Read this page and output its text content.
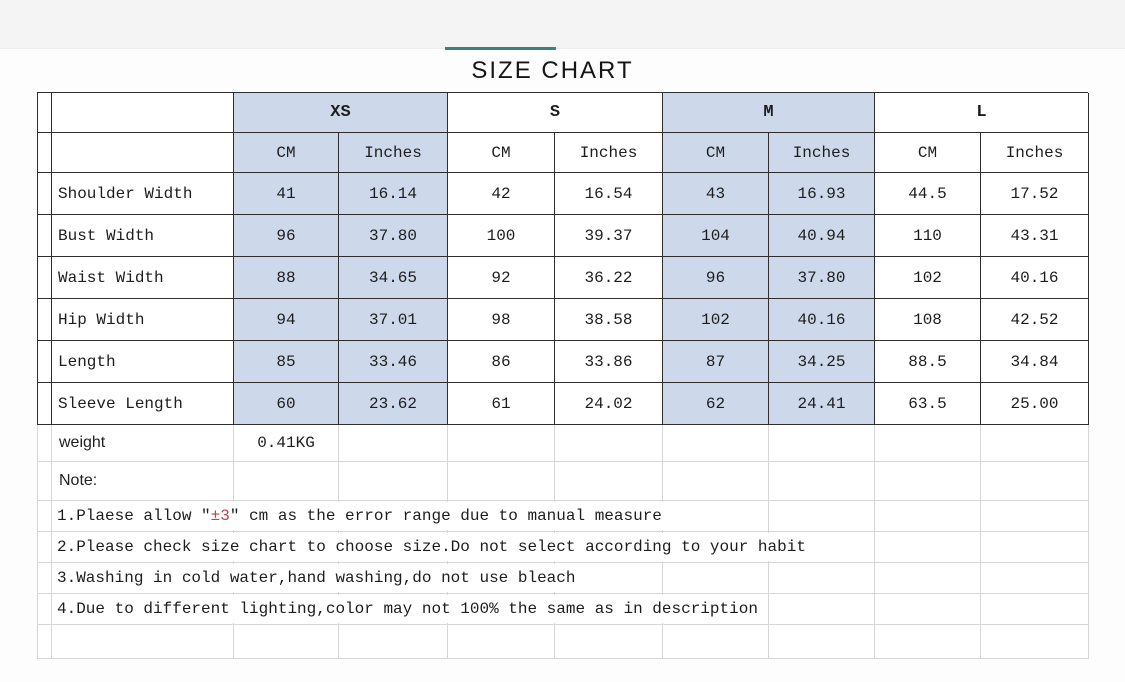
SIZE CHART
XS	S	M	L
CM	Inches	CM	Inches	CM	Inches	CM	Inches
Shoulder Width	41	16.14	42	16.54	43	16.93	44.5	17.52
Bust Width	96	37.80	100	39.37	104	40.94	110	43.31
Waist Width	88	34.65	92	36.22	96	37.80	102	40.16
Hip Width	94	37.01	98	38.58	102	40.16	108	42.52
Length	85	33.46	86	33.86	87	34.25	88.5	34.84
Sleeve Length	60	23.62	61	24.02	62	24.41	63.5	25.00
weight	0.41KG
Note:
1.Plaese allow ″±3″ cm as the error range due to manual measure
2.Please check size chart to choose size.Do not select according to your habit
3.Washing in cold water,hand washing,do not use bleach
4.Due to different lighting,color may not 100% the same as in description
